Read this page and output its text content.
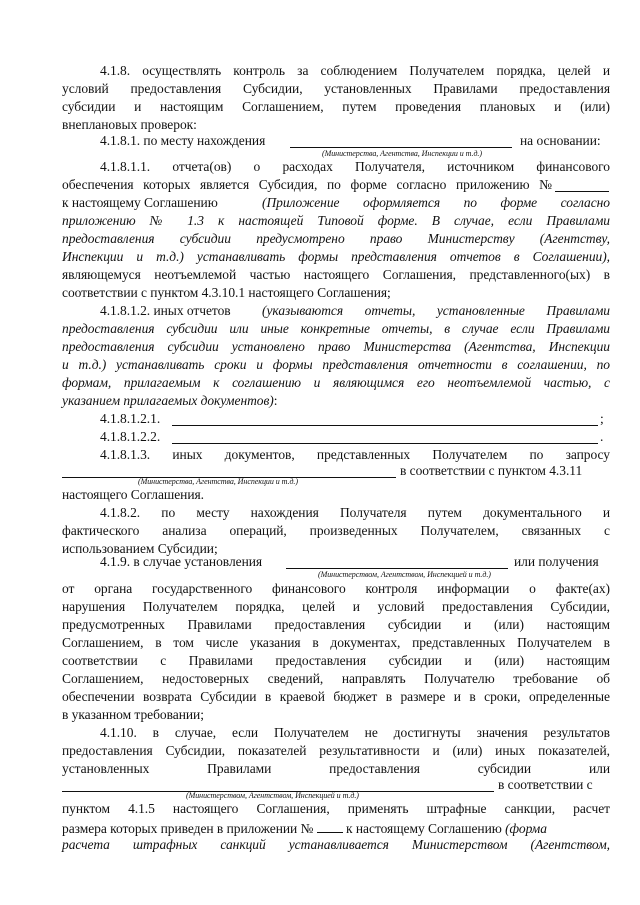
4.1.8. осуществлять контроль за соблюдением Получателем порядка, целей и
условий предоставления Субсидии, установленных Правилами предоставления
субсидии и настоящим Соглашением, путем проведения плановых и (или)
внеплановых проверок:
4.1.8.1. по месту нахождения	на основании:
(Министерства, Агентства, Инспекции и т.д.)
4.1.8.1.1. отчета(ов) о расходах Получателя, источником финансового
обеспечения которых является Субсидия, по форме согласно приложению №
к настоящему Соглашению	(Приложение оформляется по форме согласно
приложению № 1.3 к настоящей Типовой форме. В случае, если Правилами
предоставления субсидии предусмотрено право Министерству (Агентству,
Инспекции и т.д.) устанавливать формы представления отчетов в Соглашении),
являющемуся неотъемлемой частью настоящего Соглашения, представленного(ых) в
соответствии с пунктом 4.3.10.1 настоящего Соглашения;
4.1.8.1.2. иных отчетов (указываются отчеты, установленные Правилами
предоставления субсидии или иные конкретные отчеты, в случае если Правилами
предоставления субсидии установлено право Министерства (Агентства, Инспекции
и т.д.) устанавливать сроки и формы представления отчетности в соглашении, по
формам, прилагаемым к соглашению и являющимся его неотъемлемой частью, с
указанием прилагаемых документов):
4.1.8.1.2.1.	;
4.1.8.1.2.2.	.
4.1.8.1.3. иных документов, представленных Получателем по запросу
в соответствии с пунктом 4.3.11
(Министерства, Агентства, Инспекции и т.д.)
настоящего Соглашения.
4.1.8.2. по месту нахождения Получателя путем документального и
фактического анализа операций, произведенных Получателем, связанных с
использованием Субсидии;
4.1.9. в случае установления	или получения
(Министерством, Агентством, Инспекцией и т.д.)
от органа государственного финансового контроля информации о факте(ах)
нарушения Получателем порядка, целей и условий предоставления Субсидии,
предусмотренных Правилами предоставления субсидии и (или) настоящим
Соглашением, в том числе указания в документах, представленных Получателем в
соответствии с Правилами предоставления субсидии и (или) настоящим
Соглашением, недостоверных сведений, направлять Получателю требование об
обеспечении возврата Субсидии в краевой бюджет в размере и в сроки, определенные
в указанном требовании;
4.1.10. в случае, если Получателем не достигнуты значения результатов
предоставления Субсидии, показателей результативности и (или) иных показателей,
установленных Правилами предоставления субсидии или
в соответствии с
(Министерством, Агентством, Инспекцией и т.д.)
пунктом 4.1.5 настоящего Соглашения, применять штрафные санкции, расчет
размера которых приведен в приложении № к настоящему Соглашению (форма
расчета штрафных санкций устанавливается Министерством (Агентством,
